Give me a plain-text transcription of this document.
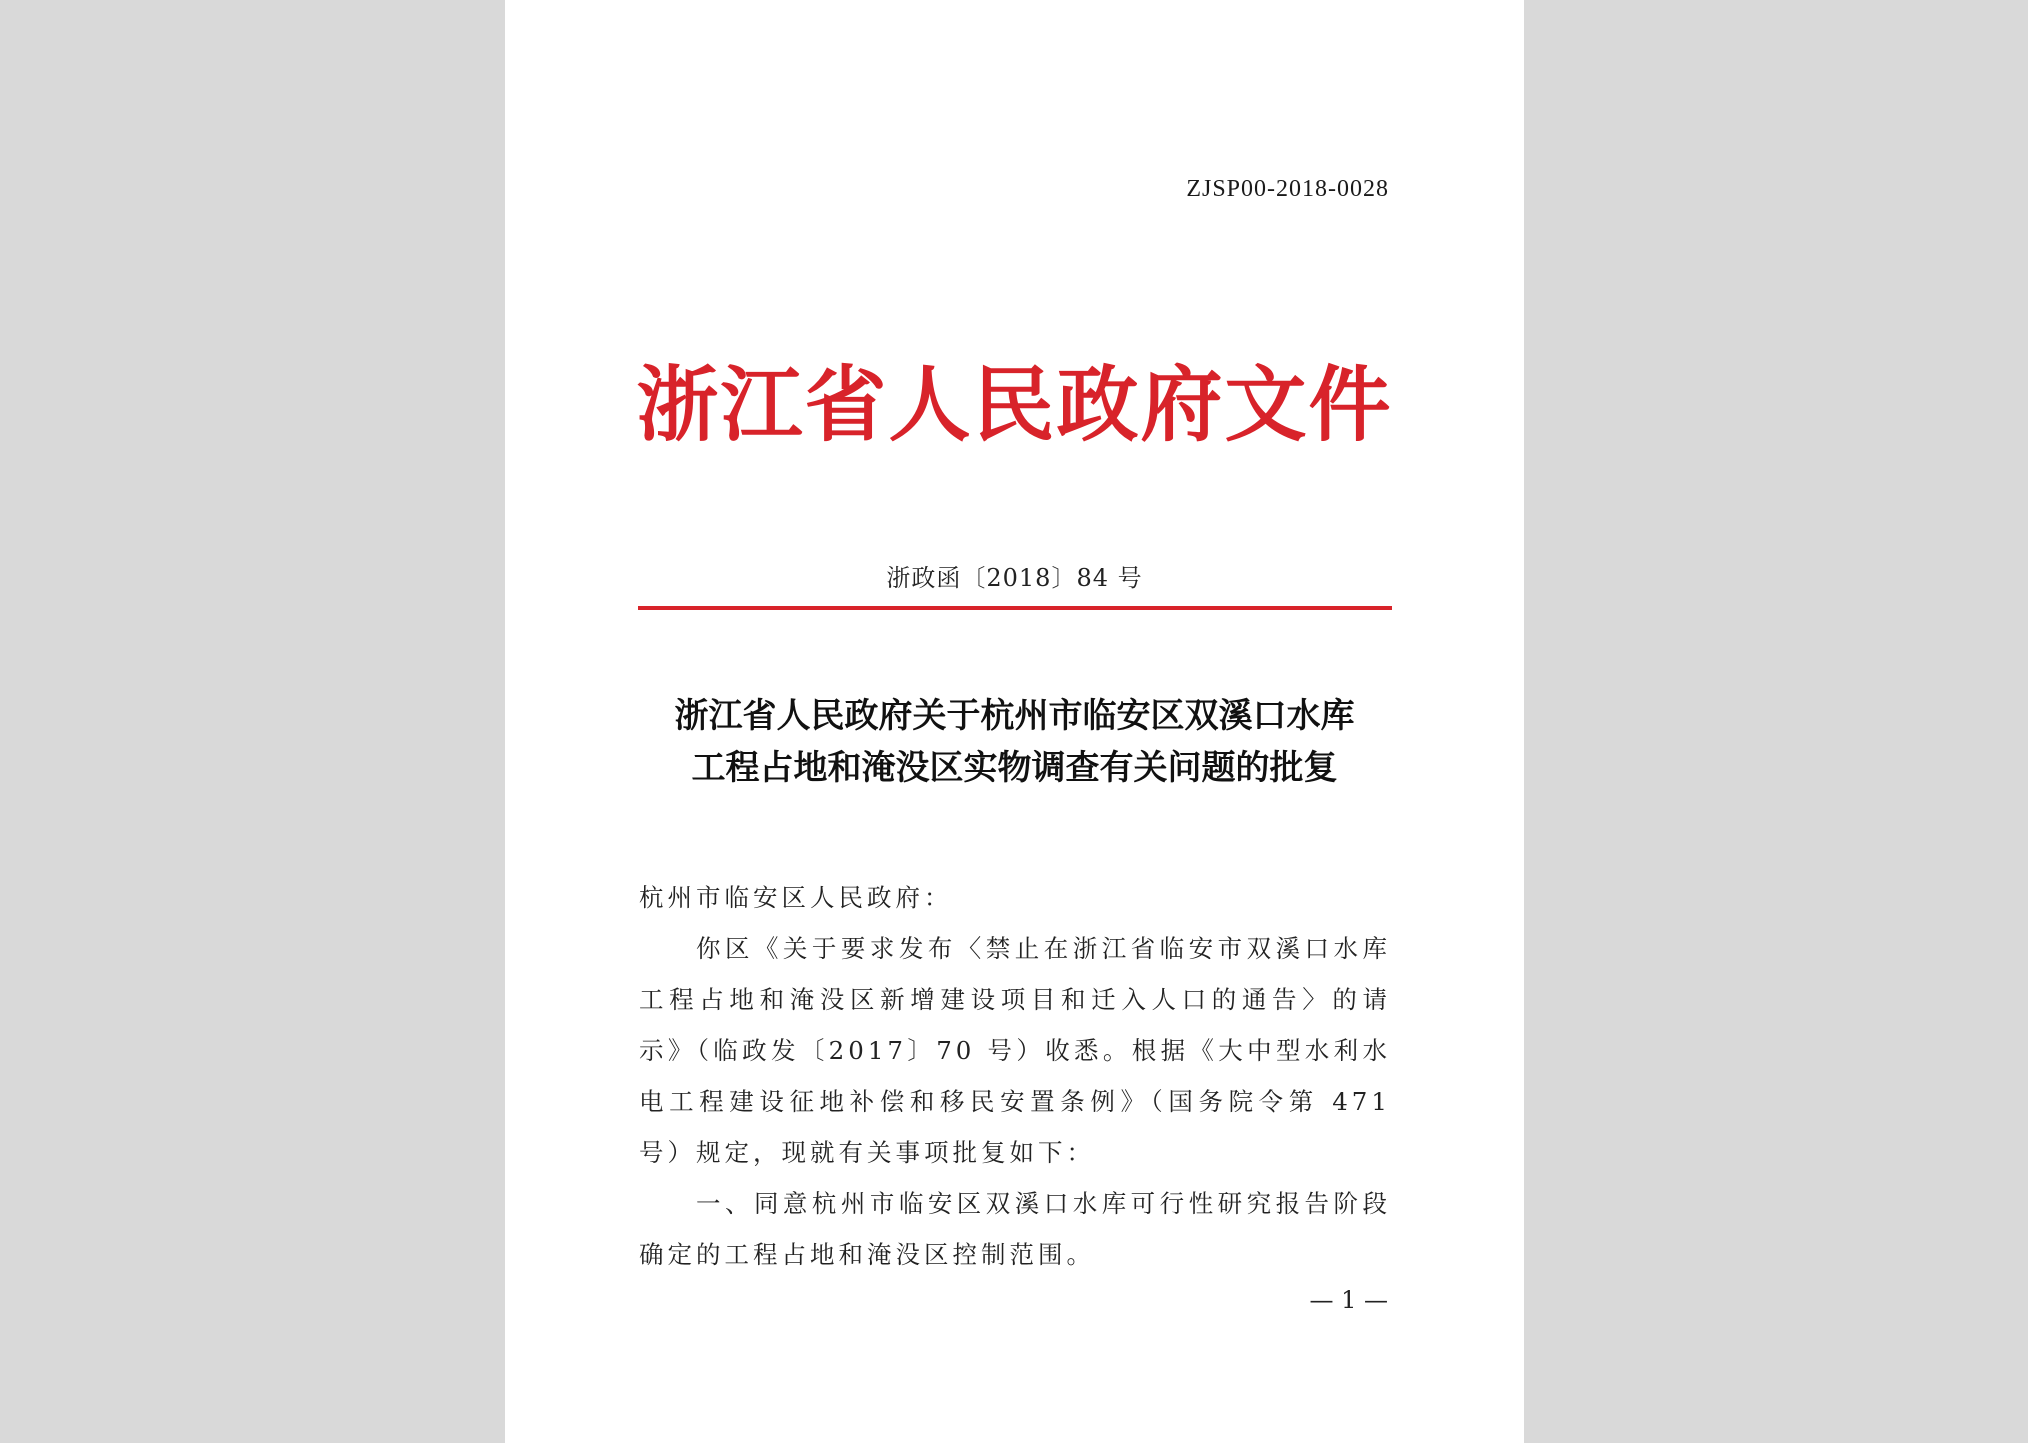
ZJSP00-2018-0028
浙江省人民政府文件
浙政函〔2018〕84 号
浙江省人民政府关于杭州市临安区双溪口水库
工程占地和淹没区实物调查有关问题的批复

杭州市临安区人民政府：

你区《关于要求发布〈禁止在浙江省临安市双溪口水库工程占地和淹没区新增建设项目和迁入人口的通告〉的请示》（临政发〔2017〕70 号）收悉。根据《大中型水利水电工程建设征地补偿和移民安置条例》（国务院令第 471 号）规定，现就有关事项批复如下：

一、同意杭州市临安区双溪口水库可行性研究报告阶段确定的工程占地和淹没区控制范围。

— 1 —
